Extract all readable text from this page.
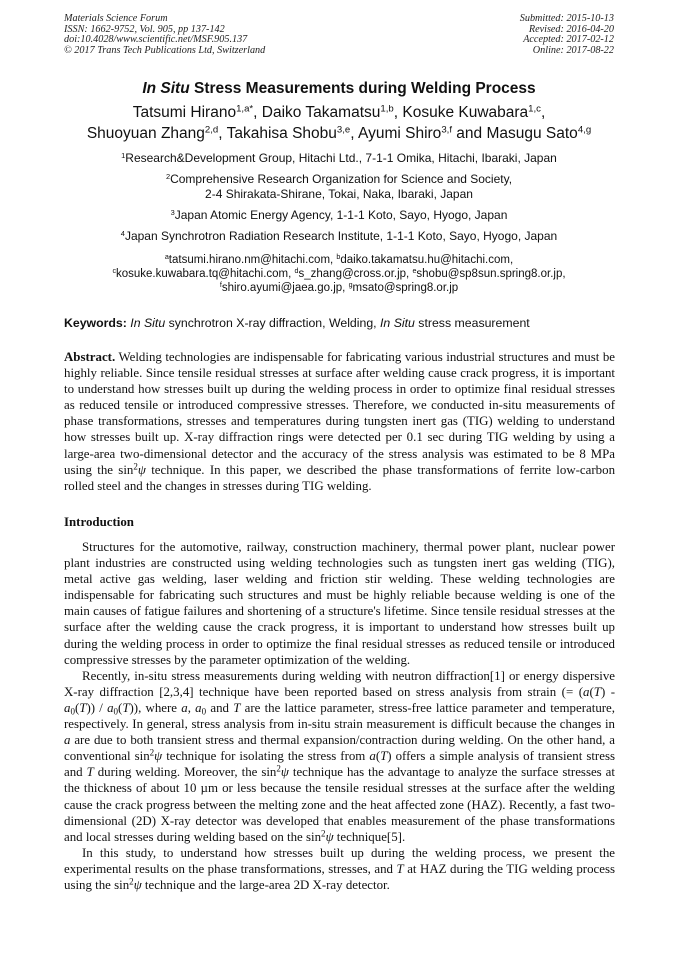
Materials Science Forum
ISSN: 1662-9752, Vol. 905, pp 137-142
doi:10.4028/www.scientific.net/MSF.905.137
© 2017 Trans Tech Publications Ltd, Switzerland
Submitted: 2015-10-13
Revised: 2016-04-20
Accepted: 2017-02-12
Online: 2017-08-22
In Situ Stress Measurements during Welding Process
Tatsumi Hirano$^{1,a*}$, Daiko Takamatsu$^{1,b}$, Kosuke Kuwabara$^{1,c}$,
Shuoyuan Zhang$^{2,d}$, Takahisa Shobu$^{3,e}$, Ayumi Shiro$^{3,f}$ and Masugu Sato$^{4,g}$
$^1$Research&Development Group, Hitachi Ltd., 7-1-1 Omika, Hitachi, Ibaraki, Japan
$^2$Comprehensive Research Organization for Science and Society,
2-4 Shirakata-Shirane, Tokai, Naka, Ibaraki, Japan
$^3$Japan Atomic Energy Agency, 1-1-1 Koto, Sayo, Hyogo, Japan
$^4$Japan Synchrotron Radiation Research Institute, 1-1-1 Koto, Sayo, Hyogo, Japan
$^a$tatsumi.hirano.nm@hitachi.com, $^b$daiko.takamatsu.hu@hitachi.com,
$^c$kosuke.kuwabara.tq@hitachi.com, $^d$s_zhang@cross.or.jp, $^e$shobu@sp8sun.spring8.or.jp,
$^f$shiro.ayumi@jaea.go.jp, $^g$msato@spring8.or.jp
Keywords: In Situ synchrotron X-ray diffraction, Welding, In Situ stress measurement
Abstract. Welding technologies are indispensable for fabricating various industrial structures and must be highly reliable. Since tensile residual stresses at surface after welding cause crack progress, it is important to understand how stresses built up during the welding process in order to optimize final residual stresses as reduced tensile or introduced compressive stresses. Therefore, we conducted in-situ measurements of phase transformations, stresses and temperatures during tungsten inert gas (TIG) welding to understand how stresses built up. X-ray diffraction rings were detected per 0.1 sec during TIG welding by using a large-area two-dimensional detector and the accuracy of the stress analysis was estimated to be 8 MPa using the $\sin^2\psi$ technique. In this paper, we described the phase transformations of ferrite low-carbon rolled steel and the changes in stresses during TIG welding.
Introduction

Structures for the automotive, railway, construction machinery, thermal power plant, nuclear power plant industries are constructed using welding technologies such as tungsten inert gas welding (TIG), metal active gas welding, laser welding and friction stir welding. These welding technologies are indispensable for fabricating such structures and must be highly reliable because welding is one of the main causes of fatigue failures and shortening of a structure's lifetime. Since tensile residual stresses at the surface after the welding cause the crack progress, it is important to understand how stresses built up during the welding process in order to optimize the final residual stresses as reduced tensile or introduced compressive stresses by the parameter optimization of the welding.

Recently, in-situ stress measurements during welding with neutron diffraction[1] or energy dispersive X-ray diffraction [2,3,4] technique have been reported based on stress analysis from strain (= $(a(T) - a_0(T)) / a_0(T)$), where a, $a_0$ and T are the lattice parameter, stress-free lattice parameter and temperature, respectively. In general, stress analysis from in-situ strain measurement is difficult because the changes in a are due to both transient stress and thermal expansion/contraction during welding. On the other hand, a conventional $\sin^2\psi$ technique for isolating the stress from a(T) offers a simple analysis of transient stress and T during welding. Moreover, the $\sin^2\psi$ technique has the advantage to analyze the surface stresses at the thickness of about 10 µm or less because the tensile residual stresses at the surface after the welding cause the crack progress between the melting zone and the heat affected zone (HAZ). Recently, a fast two-dimensional (2D) X-ray detector was developed that enables measurement of the phase transformations and local stresses during welding based on the $\sin^2\psi$ technique[5].

In this study, to understand how stresses built up during the welding process, we present the experimental results on the phase transformations, stresses, and T at HAZ during the TIG welding process using the $\sin^2\psi$ technique and the large-area 2D X-ray detector.
